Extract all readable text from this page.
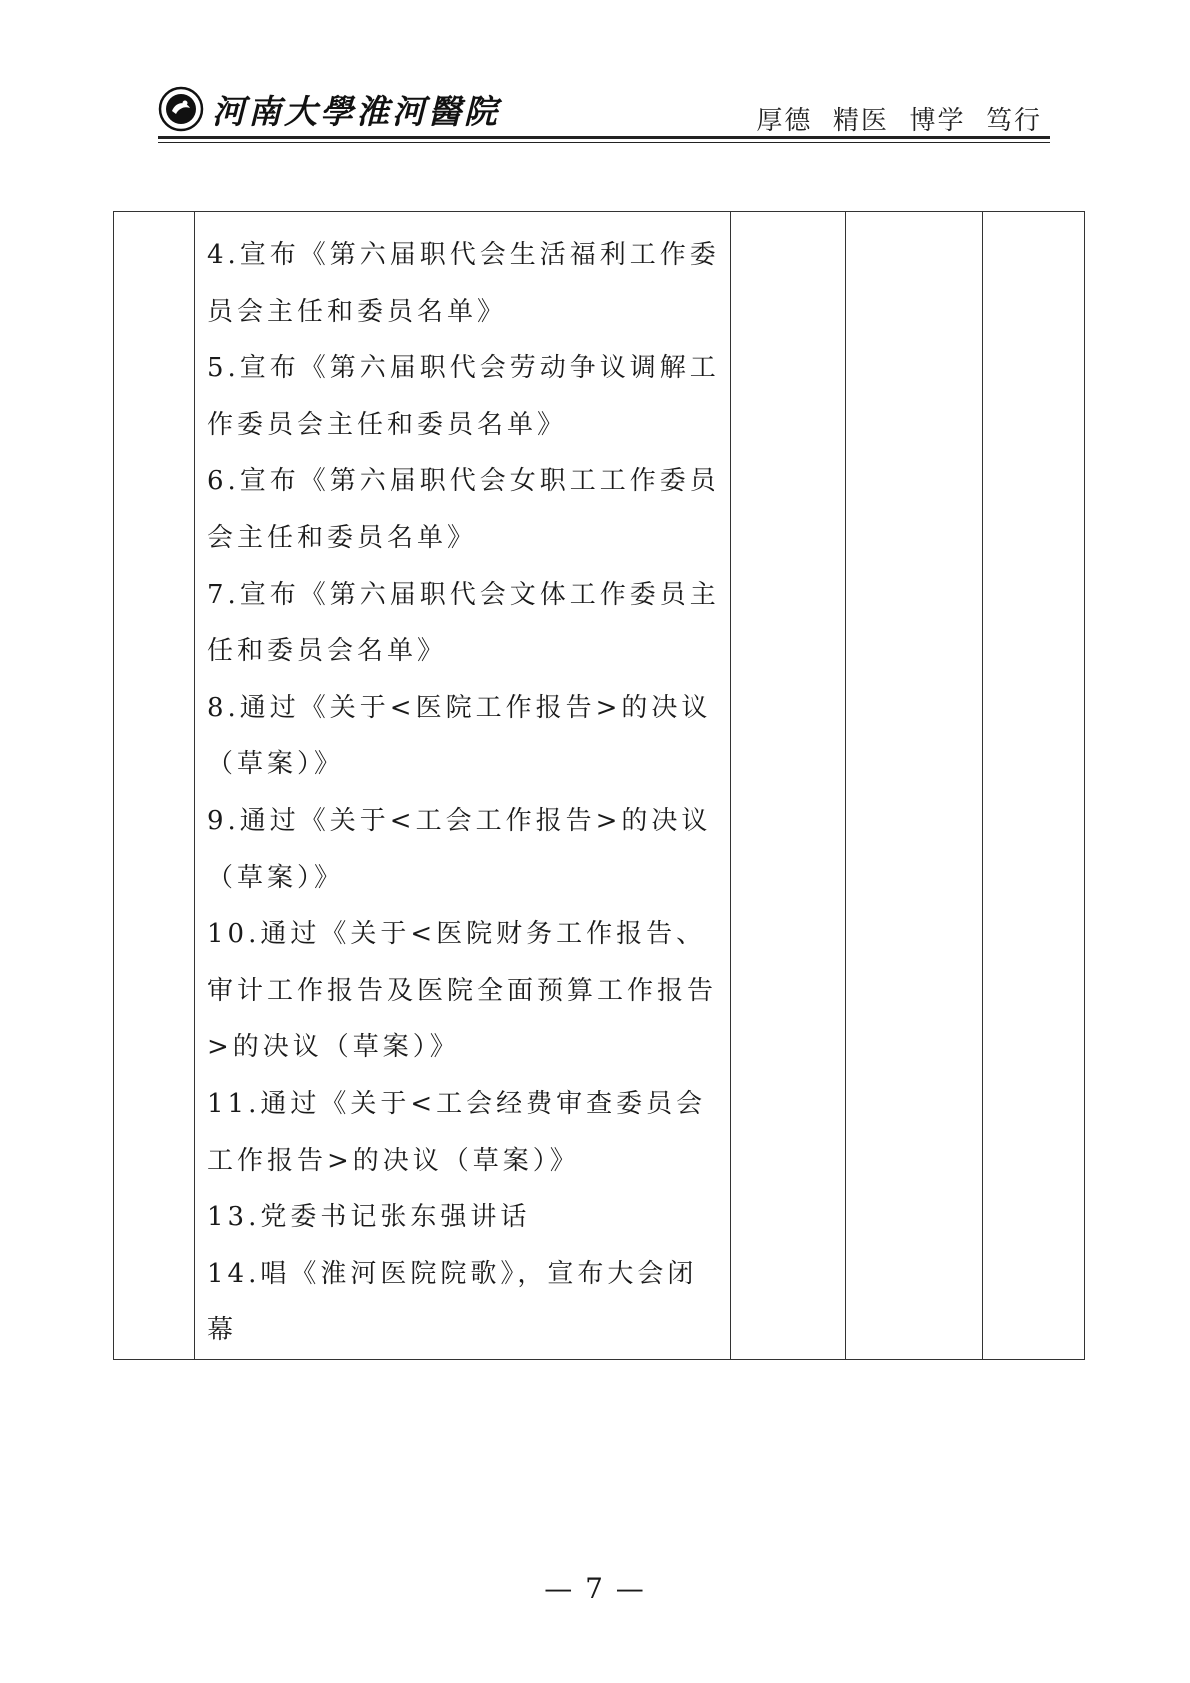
河南大學淮河醫院	厚德  精医  博学  笃行

4.宣布《第六届职代会生活福利工作委员会主任和委员名单》

5.宣布《第六届职代会劳动争议调解工作委员会主任和委员名单》

6.宣布《第六届职代会女职工工作委员会主任和委员名单》

7.宣布《第六届职代会文体工作委员主任和委员会名单》

8.通过《关于<医院工作报告>的决议（草案）》

9.通过《关于<工会工作报告>的决议（草案）》

10.通过《关于<医院财务工作报告、审计工作报告及医院全面预算工作报告>的决议（草案）》

11.通过《关于<工会经费审查委员会工作报告>的决议（草案）》

13.党委书记张东强讲话

14.唱《淮河医院院歌》，宣布大会闭幕

— 7 —
